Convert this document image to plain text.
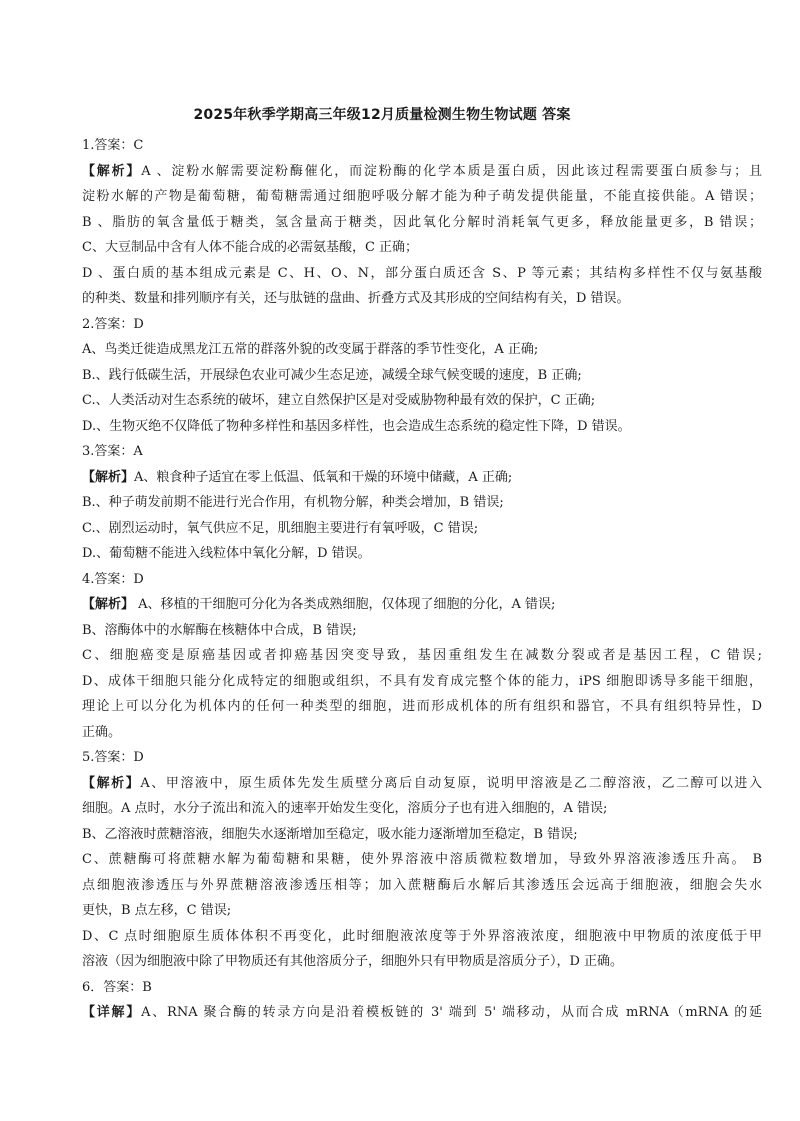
2025年秋季学期高三年级12月质量检测生物生物试题 答案
1.答案：C
【解析】A 、淀粉水解需要淀粉酶催化，而淀粉酶的化学本质是蛋白质，因此该过程需要蛋白质参与；且
淀粉水解的产物是葡萄糖，葡萄糖需通过细胞呼吸分解才能为种子萌发提供能量，不能直接供能。A 错误；
B 、脂肪的氧含量低于糖类，氢含量高于糖类，因此氧化分解时消耗氧气更多，释放能量更多，B 错误；
C、大豆制品中含有人体不能合成的必需氨基酸，C 正确；
D 、蛋白质的基本组成元素是 C、H、O、N，部分蛋白质还含 S、P 等元素；其结构多样性不仅与氨基酸
的种类、数量和排列顺序有关，还与肽链的盘曲、折叠方式及其形成的空间结构有关，D 错误。
2.答案：D
A、鸟类迁徙造成黑龙江五常的群落外貌的改变属于群落的季节性变化，A 正确;
B.、践行低碳生活，开展绿色农业可减少生态足迹，减缓全球气候变暖的速度，B 正确;
C.、人类活动对生态系统的破坏，建立自然保护区是对受威胁物种最有效的保护，C 正确;
D.、生物灭绝不仅降低了物种多样性和基因多样性，也会造成生态系统的稳定性下降，D 错误。
3.答案：A
【解析】A、粮食种子适宜在零上低温、低氧和干燥的环境中储藏，A 正确;
B.、种子萌发前期不能进行光合作用，有机物分解，种类会增加，B 错误;
C.、剧烈运动时，氧气供应不足，肌细胞主要进行有氧呼吸，C 错误;
D.、葡萄糖不能进入线粒体中氧化分解，D 错误。
4.答案：D
【解析】 A、移植的干细胞可分化为各类成熟细胞，仅体现了细胞的分化，A 错误;
B、溶酶体中的水解酶在核糖体中合成，B 错误;
C、细胞癌变是原癌基因或者抑癌基因突变导致，基因重组发生在减数分裂或者是基因工程，C 错误;
D、成体干细胞只能分化成特定的细胞或组织，不具有发育成完整个体的能力，iPS 细胞即诱导多能干细胞，
理论上可以分化为机体内的任何一种类型的细胞，进而形成机体的所有组织和器官，不具有组织特异性，D
正确。
5.答案：D
【解析】A、甲溶液中，原生质体先发生质壁分离后自动复原，说明甲溶液是乙二醇溶液，乙二醇可以进入
细胞。A 点时，水分子流出和流入的速率开始发生变化，溶质分子也有进入细胞的，A 错误;
B、乙溶液时蔗糖溶液，细胞失水逐渐增加至稳定，吸水能力逐渐增加至稳定，B 错误;
C、蔗糖酶可将蔗糖水解为葡萄糖和果糖，使外界溶液中溶质微粒数增加，导致外界溶液渗透压升高。 B
点细胞液渗透压与外界蔗糖溶液渗透压相等；加入蔗糖酶后水解后其渗透压会远高于细胞液，细胞会失水
更快，B 点左移，C 错误;
D、C 点时细胞原生质体体积不再变化，此时细胞液浓度等于外界溶液浓度，细胞液中甲物质的浓度低于甲
溶液（因为细胞液中除了甲物质还有其他溶质分子，细胞外只有甲物质是溶质分子），D 正确。
6．答案：B
【详解】A、RNA 聚合酶的转录方向是沿着模板链的 3' 端到 5' 端移动，从而合成 mRNA（mRNA 的延
